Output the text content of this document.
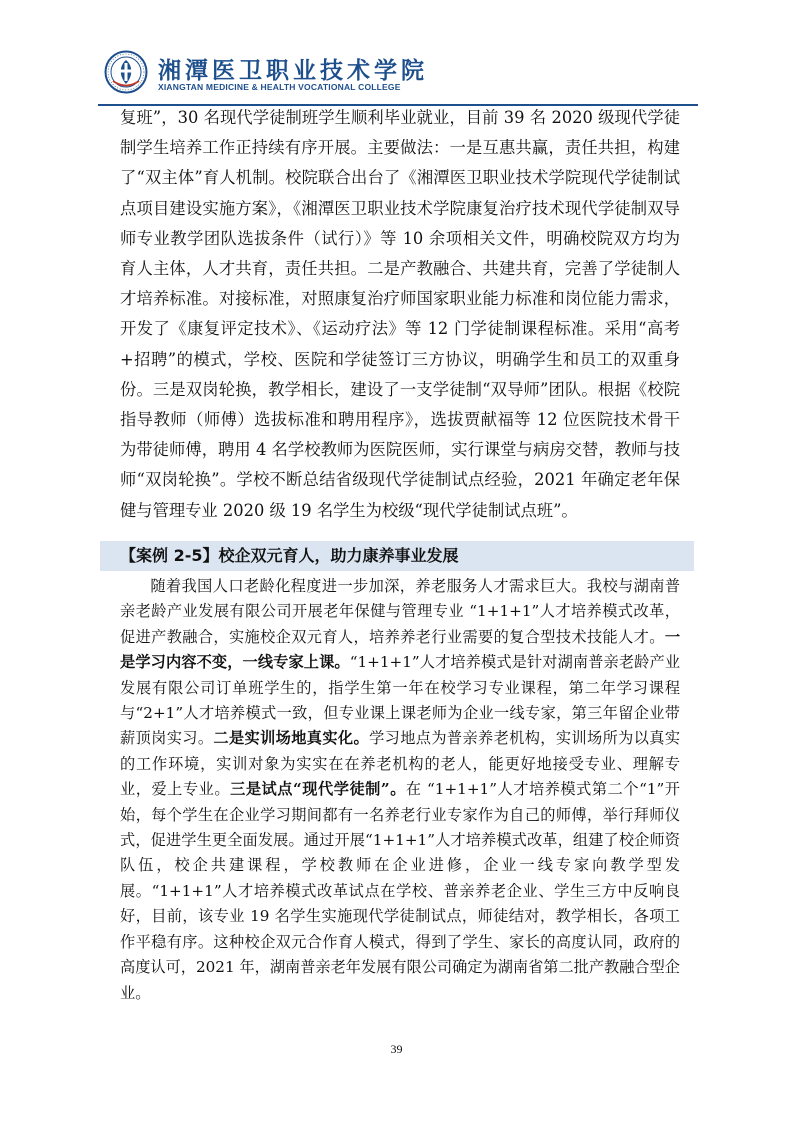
湘潭医卫职业技术学院
XIANGTAN MEDICINE & HEALTH VOCATIONAL COLLEGE

复班”，30 名现代学徒制班学生顺利毕业就业，目前 39 名 2020 级现代学徒制学生培养工作正持续有序开展。主要做法：一是互惠共赢，责任共担，构建了“双主体”育人机制。校院联合出台了《湘潭医卫职业技术学院现代学徒制试点项目建设实施方案》，《湘潭医卫职业技术学院康复治疗技术现代学徒制双导师专业教学团队选拔条件（试行）》等 10 余项相关文件，明确校院双方均为育人主体，人才共育，责任共担。二是产教融合、共建共育，完善了学徒制人才培养标准。对接标准，对照康复治疗师国家职业能力标准和岗位能力需求，开发了《康复评定技术》、《运动疗法》等 12 门学徒制课程标准。采用“高考+招聘”的模式，学校、医院和学徒签订三方协议，明确学生和员工的双重身份。三是双岗轮换，教学相长，建设了一支学徒制“双导师”团队。根据《校院指导教师（师傅）选拔标准和聘用程序》，选拔贾献福等 12 位医院技术骨干为带徒师傅，聘用 4 名学校教师为医院医师，实行课堂与病房交替，教师与技师“双岗轮换”。学校不断总结省级现代学徒制试点经验，2021 年确定老年保健与管理专业 2020 级 19 名学生为校级“现代学徒制试点班”。

【案例 2-5】校企双元育人，助力康养事业发展

随着我国人口老龄化程度进一步加深，养老服务人才需求巨大。我校与湖南普亲老龄产业发展有限公司开展老年保健与管理专业 “1+1+1”人才培养模式改革，促进产教融合，实施校企双元育人，培养养老行业需要的复合型技术技能人才。一是学习内容不变，一线专家上课。“1+1+1”人才培养模式是针对湖南普亲老龄产业发展有限公司订单班学生的，指学生第一年在校学习专业课程，第二年学习课程与“2+1”人才培养模式一致，但专业课上课老师为企业一线专家，第三年留企业带薪顶岗实习。二是实训场地真实化。学习地点为普亲养老机构，实训场所为以真实的工作环境，实训对象为实实在在养老机构的老人，能更好地接受专业、理解专业，爱上专业。三是试点“现代学徒制”。在 “1+1+1”人才培养模式第二个“1”开始，每个学生在企业学习期间都有一名养老行业专家作为自己的师傅，举行拜师仪式，促进学生更全面发展。通过开展“1+1+1”人才培养模式改革，组建了校企师资队伍，校企共建课程，学校教师在企业进修，企业一线专家向教学型发展。“1+1+1”人才培养模式改革试点在学校、普亲养老企业、学生三方中反响良好，目前，该专业 19 名学生实施现代学徒制试点，师徒结对，教学相长，各项工作平稳有序。这种校企双元合作育人模式，得到了学生、家长的高度认同，政府的高度认可，2021 年，湖南普亲老年发展有限公司确定为湖南省第二批产教融合型企业。

39
